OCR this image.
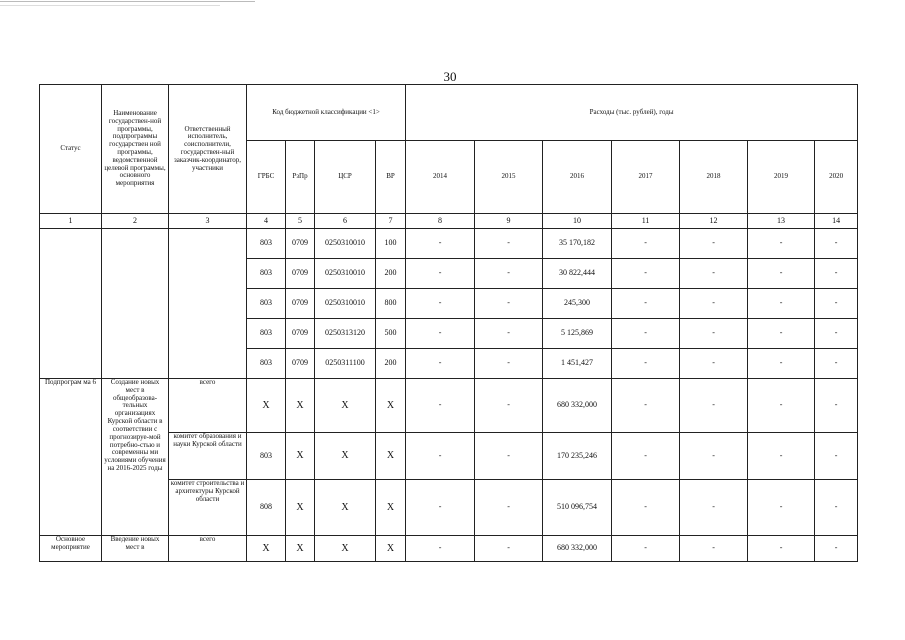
30
Статус	Наименование государствен-ной программы, подпрограммы государствен ной программы, ведомственной целевой программы, основного мероприятия	Ответственный исполнитель, соисполнители, государствен-ный заказчик-координатор, участники	Код бюджетной классификации <1>				Расходы (тыс. рублей), годы						
			ГРБС	РзПр	ЦСР	ВР	2014	2015	2016	2017	2018	2019	2020
1	2	3	4	5	6	7	8	9	10	11	12	13	14
			803	0709	0250310010	100	-	-	35 170,182	-	-	-	-
			803	0709	0250310010	200	-	-	30 822,444	-	-	-	-
			803	0709	0250310010	800	-	-	245,300	-	-	-	-
			803	0709	0250313120	500	-	-	5 125,869	-	-	-	-
			803	0709	0250311100	200	-	-	1 451,427	-	-	-	-
Подпрограм ма 6	Создание новых мест в общеобразова-тельных организациях Курской области в соответствии с прогнозируе-мой потребно-стью и современны ми условиями обучения на 2016-2025 годы	всего	X	X	X	X	-	-	680 332,000	-	-	-	-
		комитет образования и науки Курской области	803	X	X	X	-	-	170 235,246	-	-	-	-
		комитет строительства и архитектуры Курской области	808	X	X	X	-	-	510 096,754	-	-	-	-
Основное мероприятие	Введение новых мест в	всего	X	X	X	X	-	-	680 332,000	-	-	-	-
